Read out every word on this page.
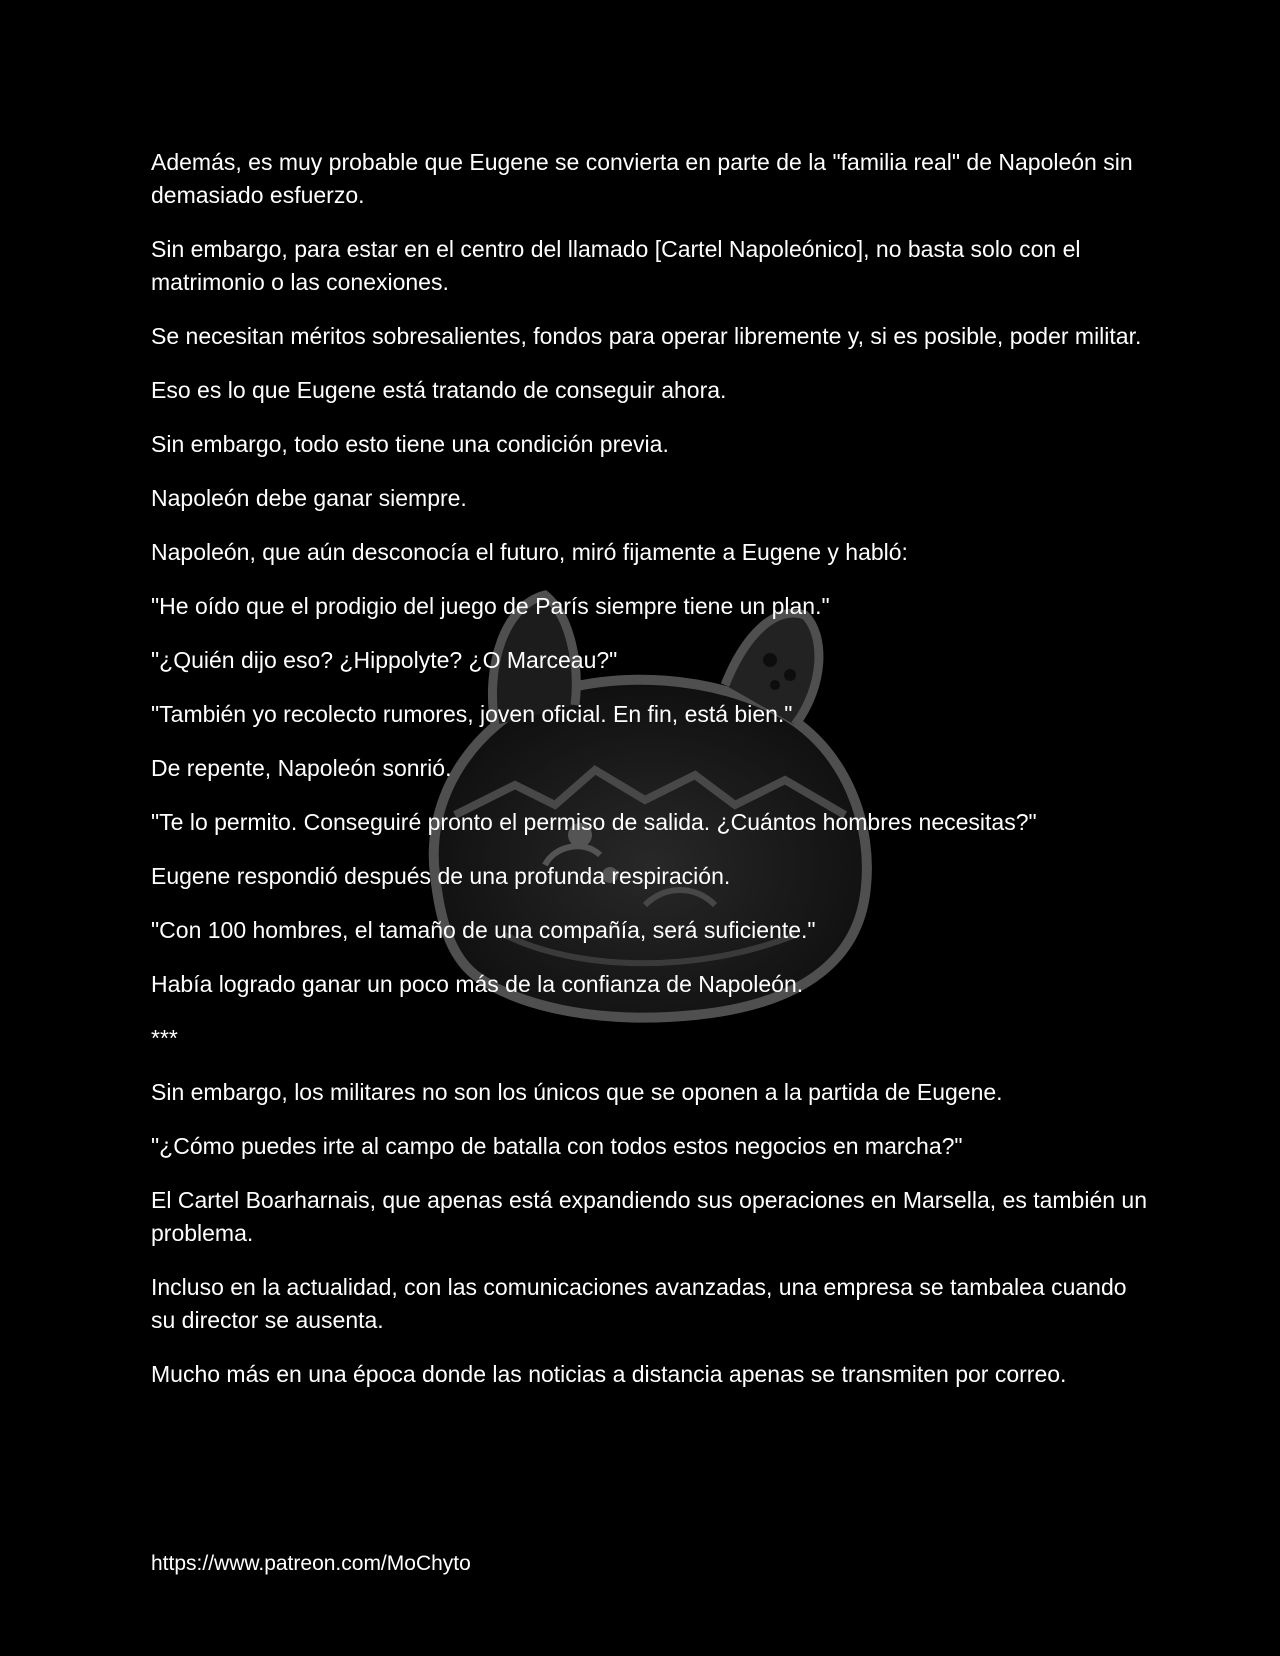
Además, es muy probable que Eugene se convierta en parte de la "familia real" de Napoleón sin demasiado esfuerzo.

Sin embargo, para estar en el centro del llamado [Cartel Napoleónico], no basta solo con el matrimonio o las conexiones.

Se necesitan méritos sobresalientes, fondos para operar libremente y, si es posible, poder militar.

Eso es lo que Eugene está tratando de conseguir ahora.

Sin embargo, todo esto tiene una condición previa.

Napoleón debe ganar siempre.

Napoleón, que aún desconocía el futuro, miró fijamente a Eugene y habló:

"He oído que el prodigio del juego de París siempre tiene un plan."

"¿Quién dijo eso? ¿Hippolyte? ¿O Marceau?"

"También yo recolecto rumores, joven oficial. En fin, está bien."

De repente, Napoleón sonrió.

"Te lo permito. Conseguiré pronto el permiso de salida. ¿Cuántos hombres necesitas?"

Eugene respondió después de una profunda respiración.

"Con 100 hombres, el tamaño de una compañía, será suficiente."

Había logrado ganar un poco más de la confianza de Napoleón.

***

Sin embargo, los militares no son los únicos que se oponen a la partida de Eugene.

"¿Cómo puedes irte al campo de batalla con todos estos negocios en marcha?"

El Cartel Boarharnais, que apenas está expandiendo sus operaciones en Marsella, es también un problema.

Incluso en la actualidad, con las comunicaciones avanzadas, una empresa se tambalea cuando su director se ausenta.

Mucho más en una época donde las noticias a distancia apenas se transmiten por correo.

https://www.patreon.com/MoChyto
